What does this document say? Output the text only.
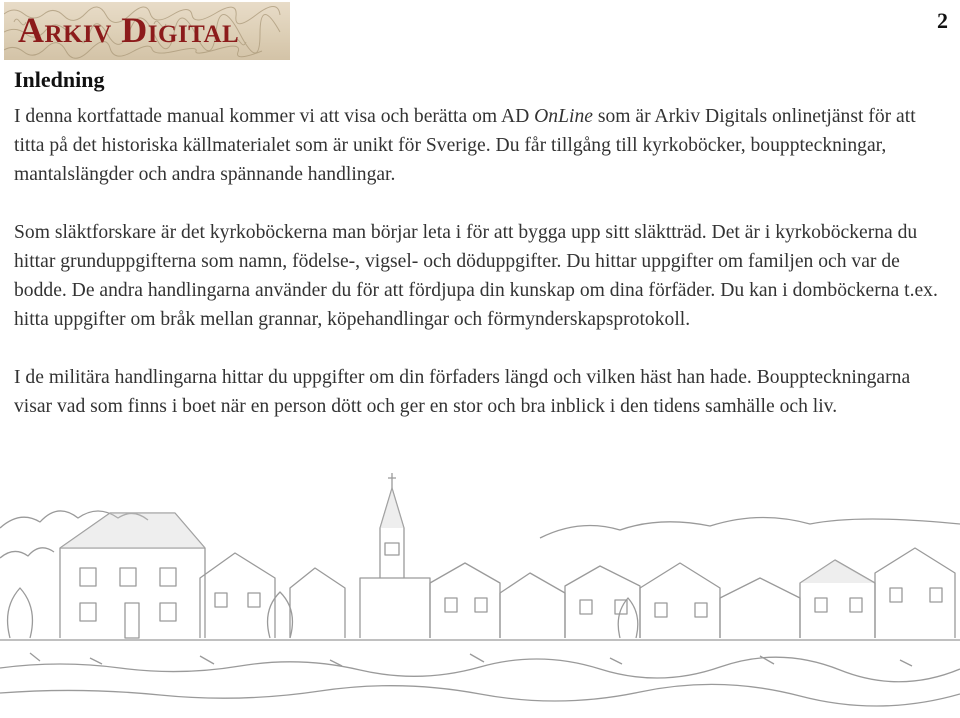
Arkiv Digital	2
Inledning

I denna kortfattade manual kommer vi att visa och berätta om AD OnLine som är Arkiv Digitals onlinetjänst för att titta på det historiska källmaterialet som är unikt för Sverige. Du får tillgång till kyrkoböcker, bouppteckningar, mantalslängder och andra spännande handlingar.

Som släktforskare är det kyrkoböckerna man börjar leta i för att bygga upp sitt släktträd. Det är i kyrkoböckerna du hittar grunduppgifterna som namn, födelse-, vigsel- och döduppgifter. Du hittar uppgifter om familjen och var de bodde. De andra handlingarna använder du för att fördjupa din kunskap om dina förfäder. Du kan i domböckerna t.ex. hitta uppgifter om bråk mellan grannar, köpehandlingar och förmynderskapsprotokoll.

I de militära handlingarna hittar du uppgifter om din förfaders längd och vilken häst han hade. Bouppteckningarna visar vad som finns i boet när en person dött och ger en stor och bra inblick i den tidens samhälle och liv.
